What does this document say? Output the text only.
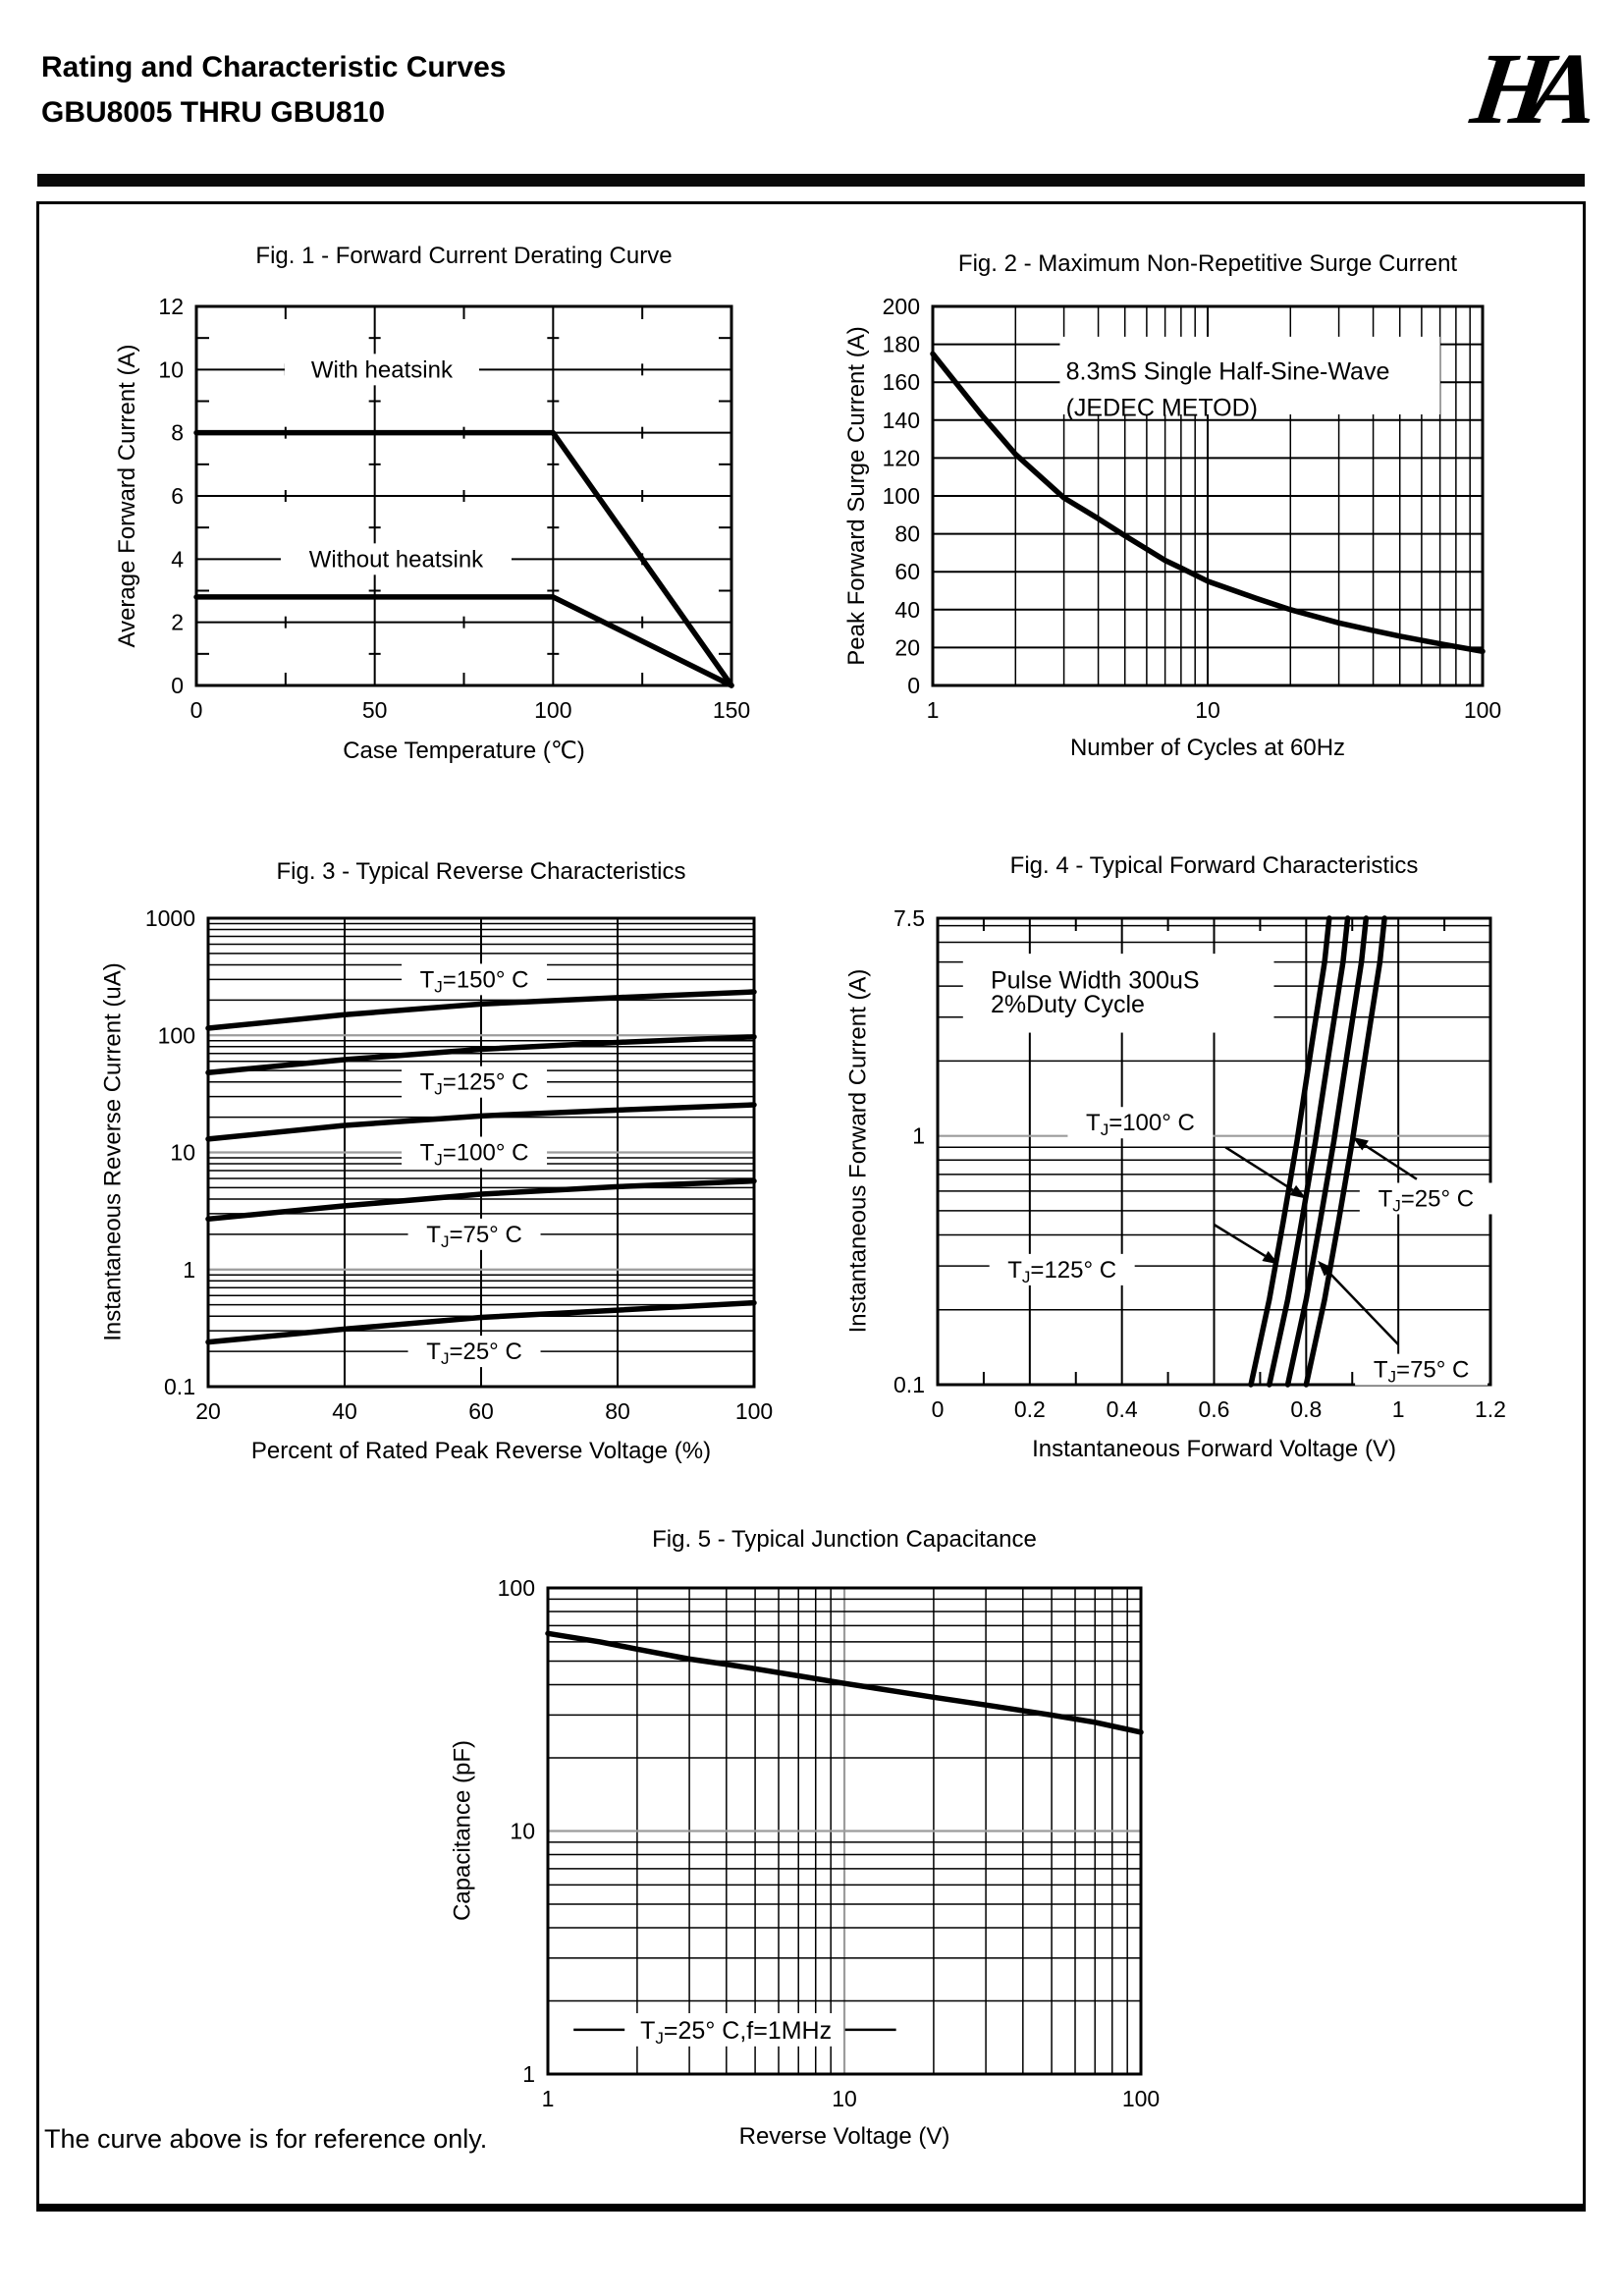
Rating and Characteristic Curves
GBU8005 THRU GBU810	HA
Fig. 1 - Forward Current Derating Curve
With heatsink
Without heatsink
0	50	100	150
0
2
4
6
8
10
12
Case Temperature (℃)
Average Forward Current (A)
Fig. 2 - Maximum Non-Repetitive Surge Current
8.3mS Single Half-Sine-Wave
(JEDEC METOD)
1	10	100
0
20
40
60
80
100
120
140
160
180
200
Number of Cycles at 60Hz
Peak Forward Surge Current (A)
Fig. 3 - Typical Reverse Characteristics
$T_J=150^\circ$ C
$T_J=125^\circ$ C
$T_J=100^\circ$ C
$T_J=75^\circ$ C
$T_J=25^\circ$ C
20	40	60	80	100
0.1
1
10
100
1000
Percent of Rated Peak Reverse Voltage (%)
Instantaneous Reverse Current (uA)
Fig. 4 - Typical Forward Characteristics
Pulse Width 300uS
2%Duty Cycle
$T_J=100^\circ$ C
$T_J=25^\circ$ C
$T_J=125^\circ$ C
$T_J=75^\circ$ C
0	0.2	0.4	0.6	0.8	1	1.2
0.1
1
7.5
Instantaneous Forward Voltage (V)
Instantaneous Forward Current (A)
Fig. 5 - Typical Junction Capacitance
$T_J=25^\circ$ C,f=1MHz
1	10	100
1
10
100
Reverse Voltage (V)
Capacitance (pF)
The curve above is for reference only.
